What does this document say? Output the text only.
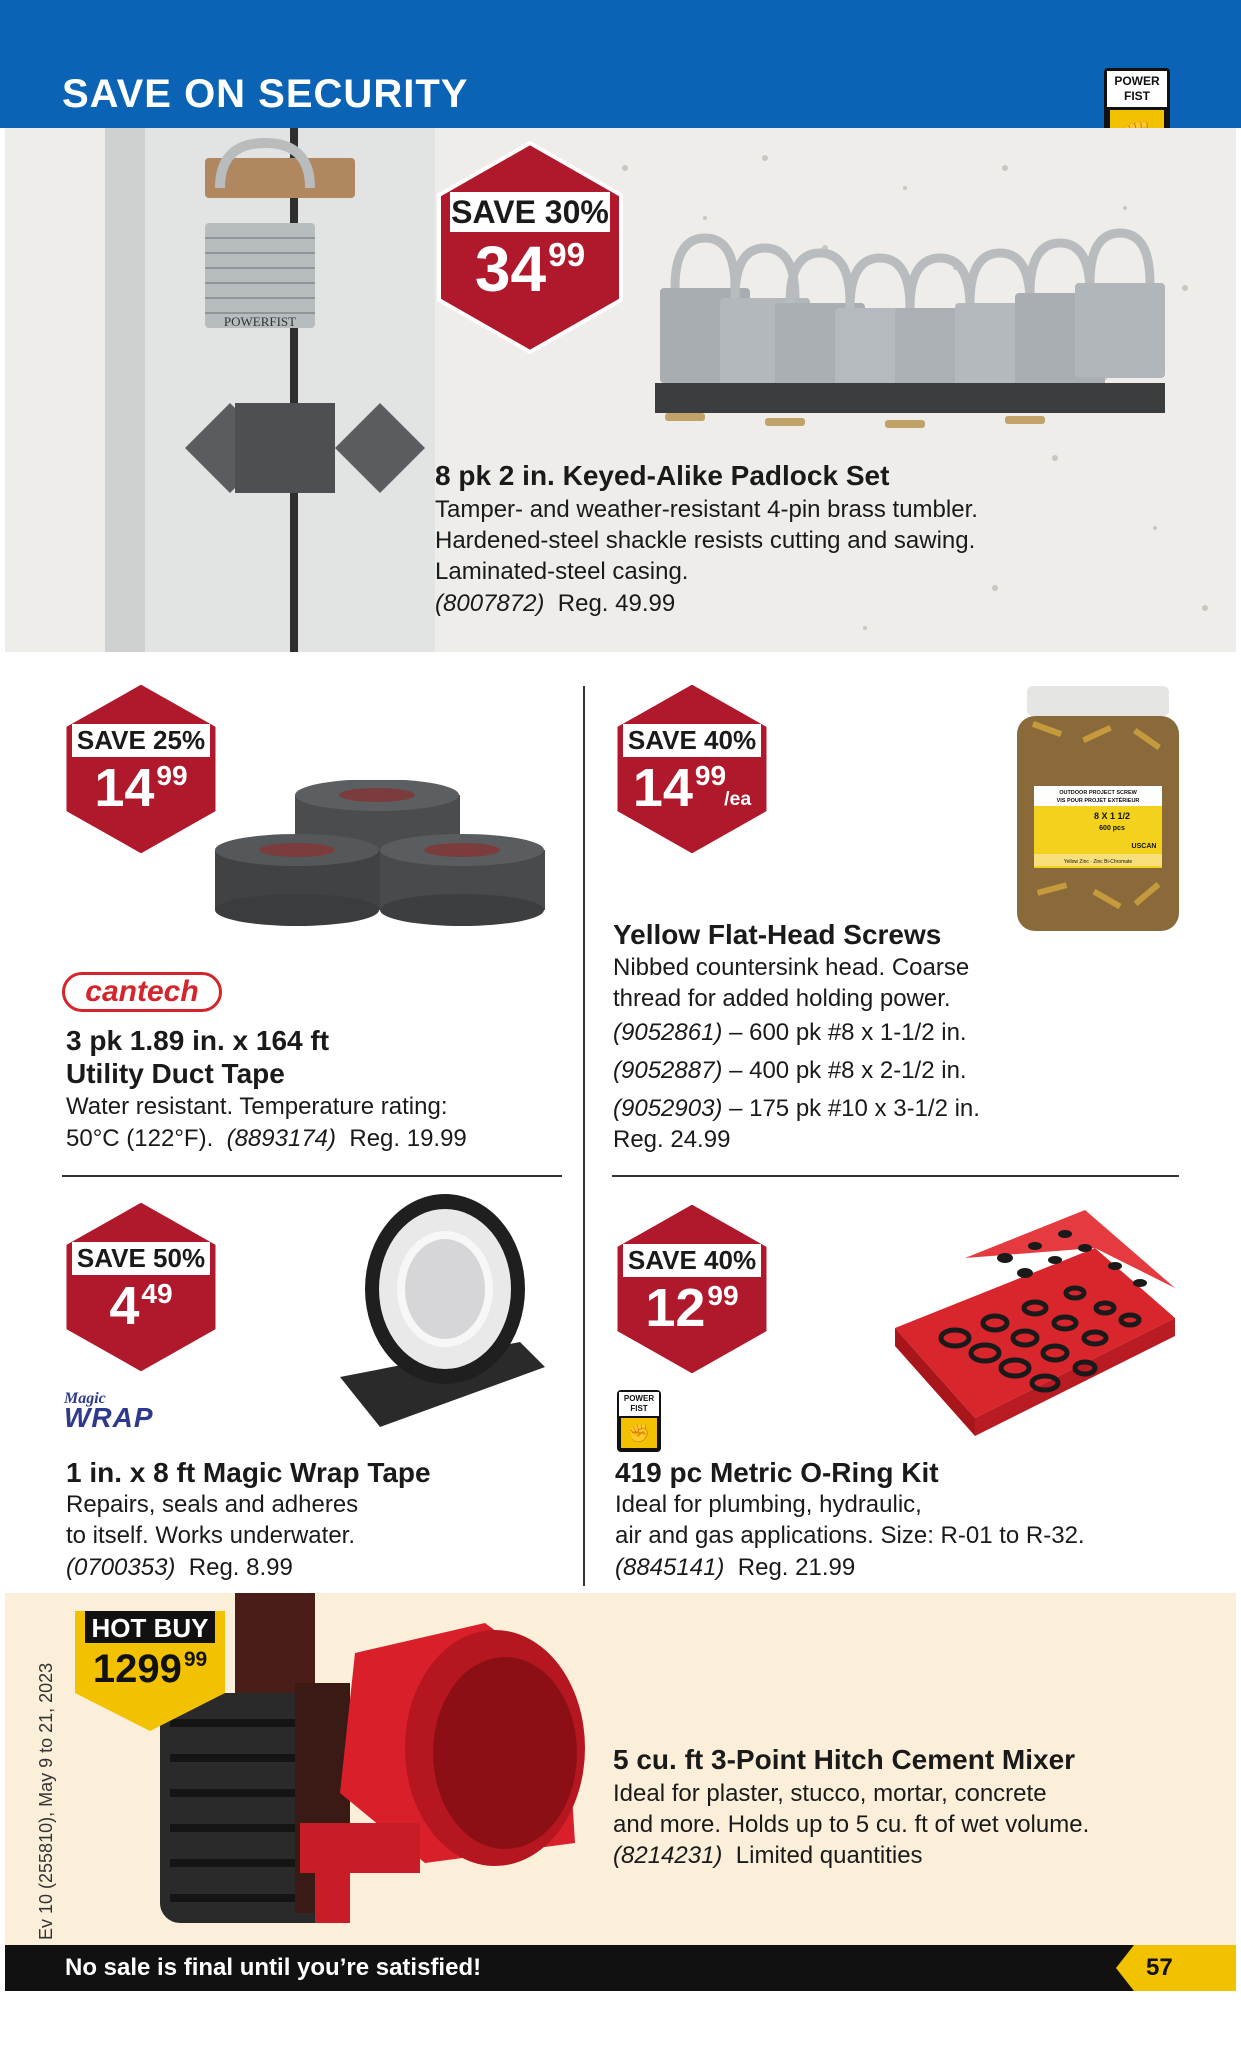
SAVE ON SECURITY	POWER
FIST
POWERFIST
SAVE 30%
$34^{99}$
8 pk 2 in. Keyed-Alike Padlock Set
Tamper- and weather-resistant 4-pin brass tumbler.
Hardened-steel shackle resists cutting and sawing.
Laminated-steel casing.
(8007872) Reg. 49.99
SAVE 25%
$14^{99}$
cantech
3 pk 1.89 in. x 164 ft
Utility Duct Tape
Water resistant. Temperature rating:
50°C (122°F). (8893174) Reg. 19.99
SAVE 40%
$14^{99}/ea$	OUTDOOR PROJECT SCREW
VIS POUR PROJET EXTÉRIEUR
8 X 1 1/2
600 pcs
USCAN
Yellow Zinc · Zinc Bi-Chromate
Yellow Flat-Head Screws
Nibbed countersink head. Coarse
thread for added holding power.
(9052861) – 600 pk #8 x 1-1/2 in.
(9052887) – 400 pk #8 x 2-1/2 in.
(9052903) – 175 pk #10 x 3-1/2 in.
Reg. 24.99
SAVE 50%
$4^{49}$
Magic
WRAP
1 in. x 8 ft Magic Wrap Tape
Repairs, seals and adheres
to itself. Works underwater.
(0700353) Reg. 8.99
SAVE 40%
$12^{99}$
POWER
FIST
✊
419 pc Metric O-Ring Kit
Ideal for plumbing, hydraulic,
air and gas applications. Size: R-01 to R-32.
(8845141) Reg. 21.99
HOT BUY
1299$^{99}$
5 cu. ft 3-Point Hitch Cement Mixer
Ideal for plaster, stucco, mortar, concrete
and more. Holds up to 5 cu. ft of wet volume.
(8214231) Limited quantities
Ev 10 (255810), May 9 to 21, 2023
No sale is final until you’re satisfied!	57
